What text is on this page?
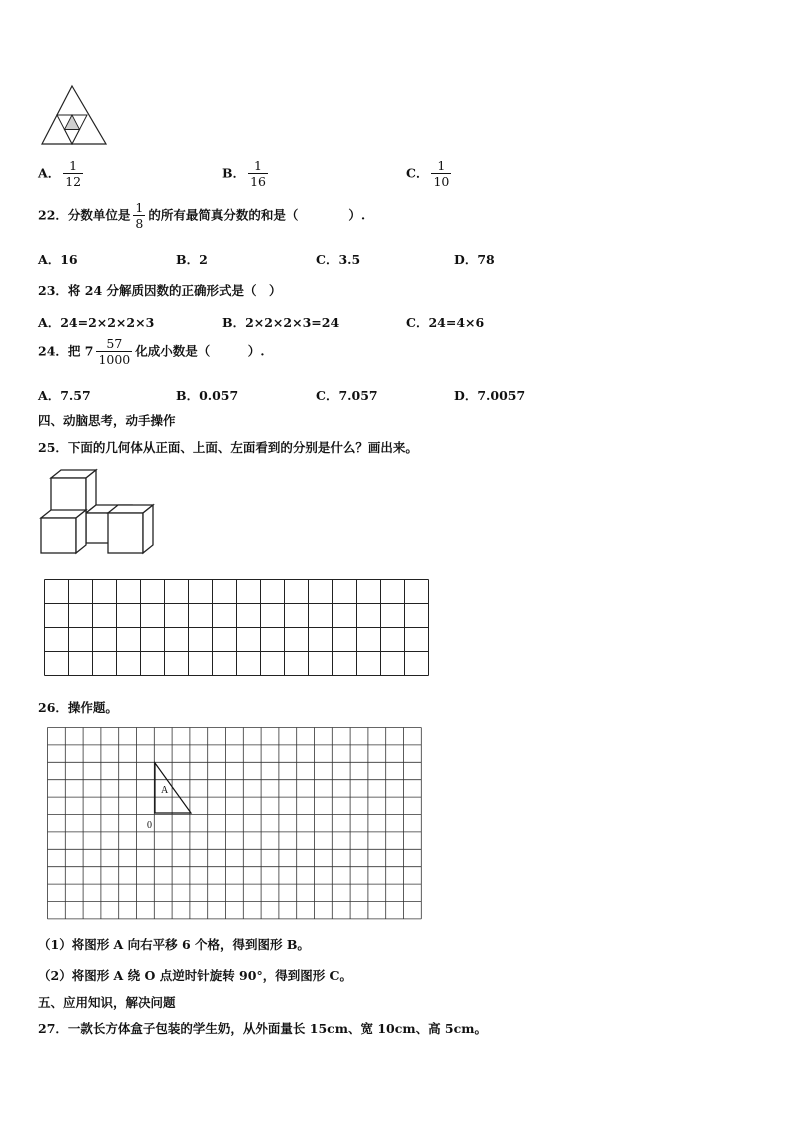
A． $\frac{1}{12}$	B． $\frac{1}{16}$	C． $\frac{1}{10}$
22．分数单位是 $\frac{1}{8}$ 的所有最简真分数的和是（　　　　）.
A．16	B．2	C．3.5	D．78
23．将 24 分解质因数的正确形式是（　）
A．24=2×2×2×3	B．2×2×2×3=24	C．24=4×6
24．把 $7 \frac{57}{1000}$ 化成小数是（　　　）.
A．7.57	B．0.057	C．7.057	D．7.0057
四、动脑思考，动手操作
25．下面的几何体从正面、上面、左面看到的分别是什么？画出来。
26．操作题。
A
0
（1）将图形 A 向右平移 6 个格，得到图形 B。
（2）将图形 A 绕 O 点逆时针旋转 90°，得到图形 C。
五、应用知识，解决问题
27．一款长方体盒子包装的学生奶，从外面量长 15cm、宽 10cm、高 5cm。
